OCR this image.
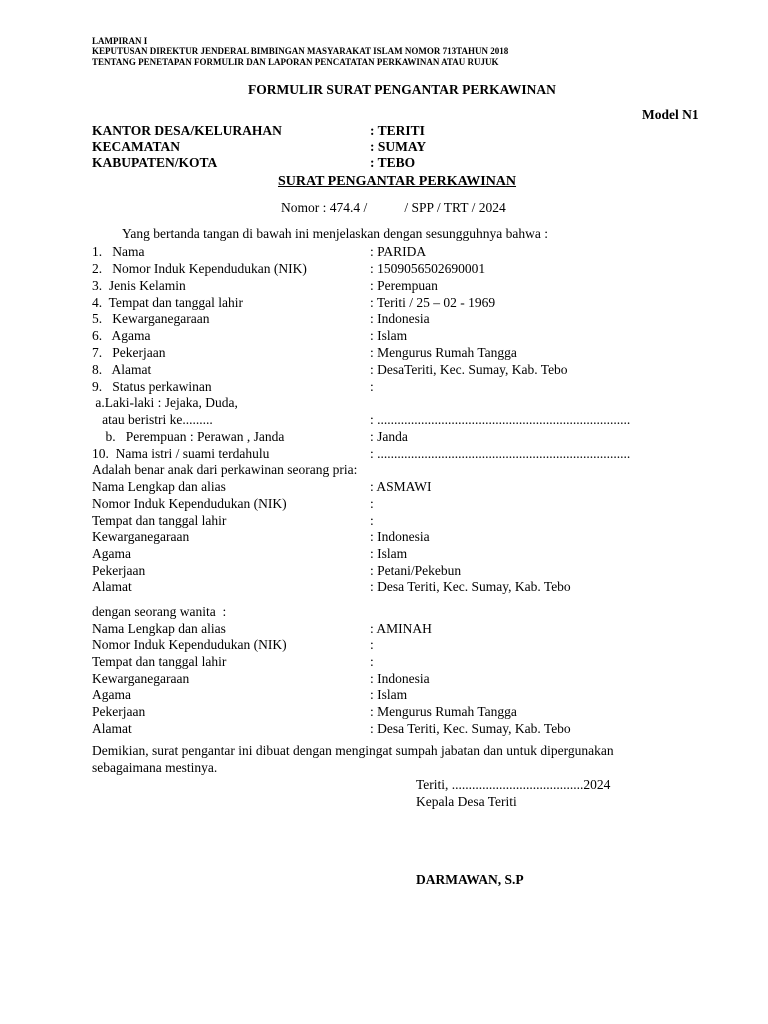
LAMPIRAN I
KEPUTUSAN DIREKTUR JENDERAL BIMBINGAN MASYARAKAT ISLAM NOMOR 713TAHUN 2018
TENTANG PENETAPAN FORMULIR DAN LAPORAN PENCATATAN PERKAWINAN ATAU RUJUK
FORMULIR SURAT PENGANTAR PERKAWINAN
Model N1
KANTOR DESA/KELURAHAN	: TERITI
KECAMATAN	: SUMAY
KABUPATEN/KOTA	: TEBO
SURAT PENGANTAR PERKAWINAN
Nomor : 474.4 /           / SPP / TRT / 2024
Yang bertanda tangan di bawah ini menjelaskan dengan sesungguhnya bahwa :
1.   Nama	: PARIDA
2.   Nomor Induk Kependudukan (NIK)	: 1509056502690001
3.  Jenis Kelamin	: Perempuan
4.  Tempat dan tanggal lahir	: Teriti / 25 – 02 - 1969
5.   Kewarganegaraan	: Indonesia
6.   Agama	: Islam
7.   Pekerjaan	: Mengurus Rumah Tangga
8.   Alamat	: DesaTeriti, Kec. Sumay, Kab. Tebo
9.   Status perkawinan	:
a.Laki-laki : Jejaka, Duda,
atau beristri ke.........	: ...........................................................................
b.   Perempuan : Perawan , Janda	: Janda
10.  Nama istri / suami terdahulu	: ...........................................................................
Adalah benar anak dari perkawinan seorang pria:
Nama Lengkap dan alias	: ASMAWI
Nomor Induk Kependudukan (NIK)	:
Tempat dan tanggal lahir	:
Kewarganegaraan	: Indonesia
Agama	: Islam
Pekerjaan	: Petani/Pekebun
Alamat	: Desa Teriti, Kec. Sumay, Kab. Tebo
dengan seorang wanita  :
Nama Lengkap dan alias	: AMINAH
Nomor Induk Kependudukan (NIK)	:
Tempat dan tanggal lahir	:
Kewarganegaraan	: Indonesia
Agama	: Islam
Pekerjaan	: Mengurus Rumah Tangga
Alamat	: Desa Teriti, Kec. Sumay, Kab. Tebo
Demikian, surat pengantar ini dibuat dengan mengingat sumpah jabatan dan untuk dipergunakan
sebagaimana mestinya.
Teriti, .......................................2024
Kepala Desa Teriti
DARMAWAN, S.P
